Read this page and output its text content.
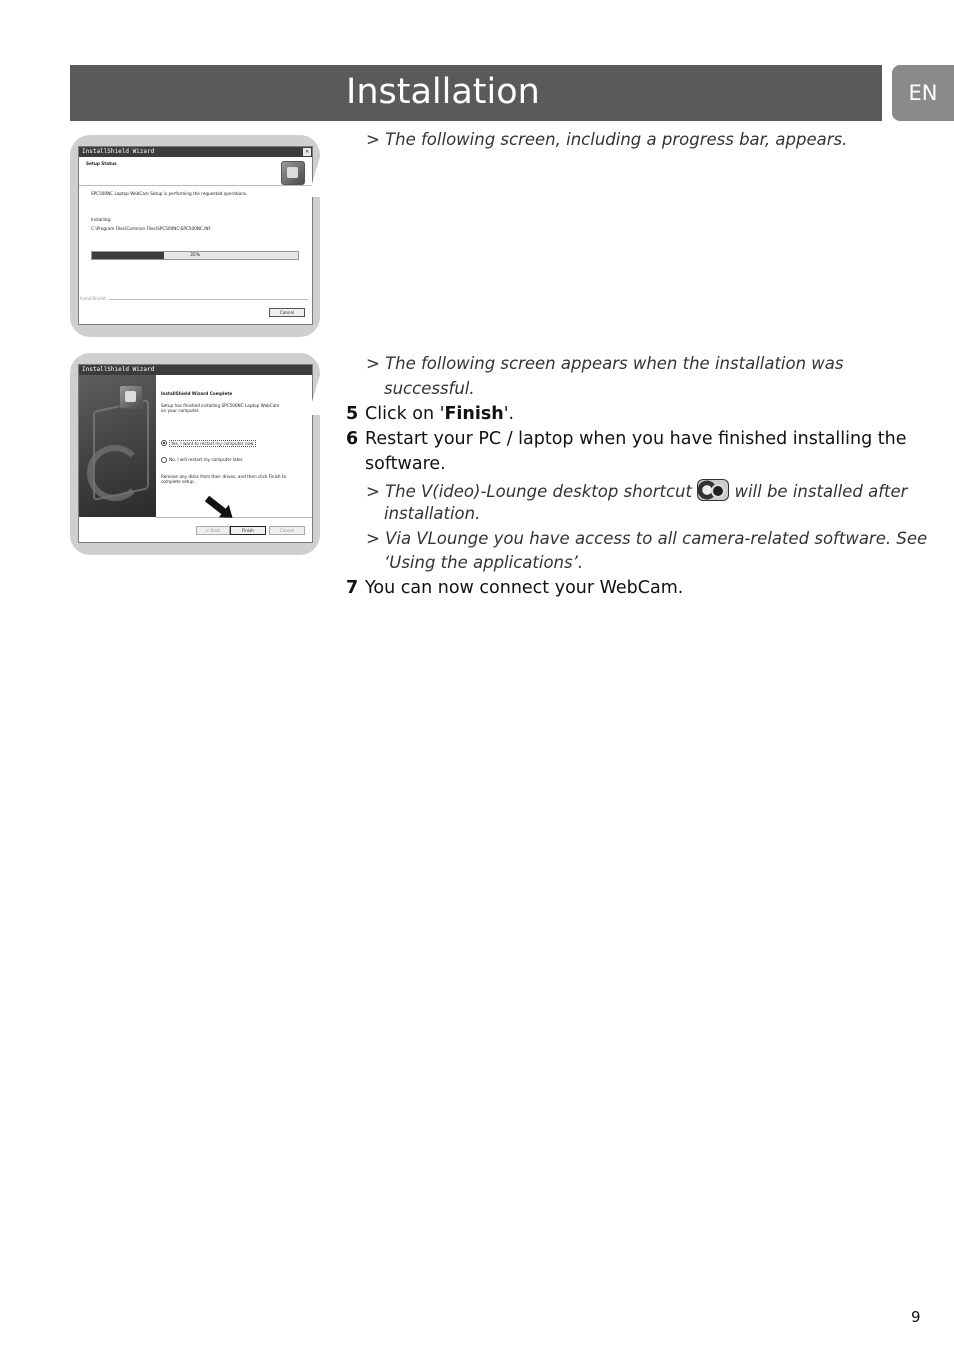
Installation	EN
InstallShield Wizard	✕
Setup Status
SPC500NC Laptop WebCam Setup is performing the requested operations.
Installing:
C:\Program Files\Common Files\SPC500NC\SPC500NC.INF
35%
InstallShield
Cancel
InstallShield Wizard
InstallShield Wizard Complete
Setup has finished installing SPC500NC Laptop WebCam
on your computer.
Yes, I want to restart my computer now.
No, I will restart my computer later.
Remove any disks from their drives, and then click Finish to
complete setup.
< Back	Finish	Cancel
> The following screen, including a progress bar, appears.
> The following screen appears when the installation was
successful.
5 Click on 'Finish'.
6 Restart your PC / laptop when you have finished installing the
software.
> The V(ideo)-Lounge desktop shortcut	will be installed after
installation.
> Via VLounge you have access to all camera-related software. See
‘Using the applications’.
7 You can now connect your WebCam.
9
